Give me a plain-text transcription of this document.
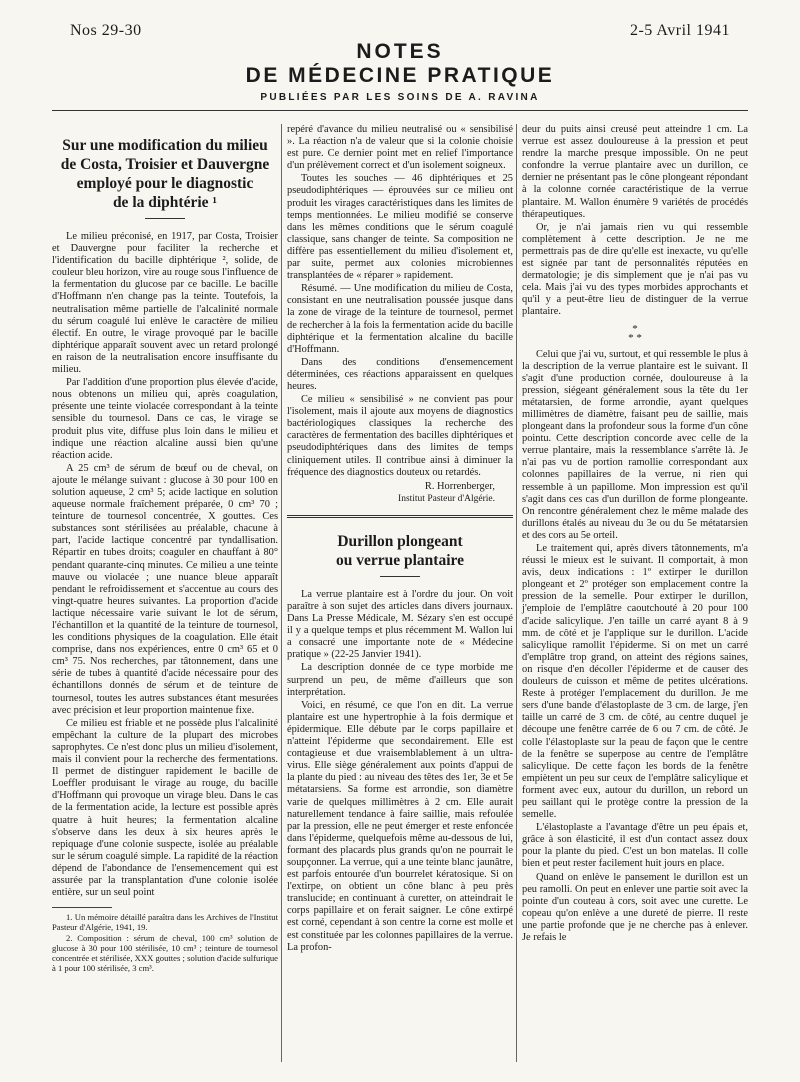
Nos 29-30	2-5 Avril 1941
NOTES
DE MÉDECINE PRATIQUE
PUBLIÉES PAR LES SOINS DE A. RAVINA
Sur une modification du milieu
de Costa, Troisier et Dauvergne
employé pour le diagnostic
de la diphtérie ¹

Le milieu préconisé, en 1917, par Costa, Troisier et Dauvergne pour faciliter la recherche et l'identification du bacille diphtérique ², solide, de couleur bleu horizon, vire au rouge sous l'influence de la fermentation du glucose par ce bacille. Le bacille d'Hoffmann n'en change pas la teinte. Toutefois, la neutralisation même partielle de l'alcalinité normale du sérum coagulé lui enlève le caractère de milieu électif. En outre, le virage provoqué par le bacille diphtérique apparaît souvent avec un retard prolongé en raison de la neutralisation encore insuffisante du milieu.

Par l'addition d'une proportion plus élevée d'acide, nous obtenons un milieu qui, après coagulation, présente une teinte violacée correspondant à la teinte sensible du tournesol. Dans ce cas, le virage se produit plus vite, diffuse plus loin dans le milieu et indique une réaction alcaline aussi bien qu'une réaction acide.

A 25 cm³ de sérum de bœuf ou de cheval, on ajoute le mélange suivant : glucose à 30 pour 100 en solution aqueuse, 2 cm³ 5; acide lactique en solution aqueuse normale fraîchement préparée, 0 cm³ 70 ; teinture de tournesol concentrée, X gouttes. Ces substances sont stérilisées au préalable, chacune à part, l'acide lactique concentré par tyndallisation. Répartir en tubes droits; coaguler en chauffant à 80° pendant quarante-cinq minutes. Ce milieu a une teinte mauve ou violacée ; une nuance bleue apparaît pendant le refroidissement et s'accentue au cours des vingt-quatre heures suivantes. La proportion d'acide lactique nécessaire varie suivant le lot de sérum, l'échantillon et la quantité de la teinture de tournesol, les conditions physiques de la coagulation. Elle était comprise, dans nos expériences, entre 0 cm³ 65 et 0 cm³ 75. Nos recherches, par tâtonnement, dans une série de tubes à quantité d'acide nécessaire pour des échantillons donnés de sérum et de teinture de tournesol, toutes les autres substances étant mesurées avec précision et leur proportion maintenue fixe.

Ce milieu est friable et ne possède plus l'alcalinité empêchant la culture de la plupart des microbes saprophytes. Ce n'est donc plus un milieu d'isolement, mais il convient pour la recherche des fermentations. Il permet de distinguer rapidement le bacille de Loeffler produisant le virage au rouge, du bacille d'Hoffmann qui provoque un virage bleu. Dans le cas de la fermentation acide, la lecture est possible après quatre à huit heures; la fermentation alcaline s'observe dans les deux à six heures après le repiquage d'une colonie suspecte, isolée au préalable sur le sérum coagulé simple. La rapidité de la réaction dépend de l'abondance de l'ensemencement qui est assurée par la transplantation d'une colonie isolée entière, sur un seul point

1. Un mémoire détaillé paraîtra dans les Archives de l'Institut Pasteur d'Algérie, 1941, 19.

2. Composition : sérum de cheval, 100 cm³ solution de glucose à 30 pour 100 stérilisée, 10 cm³ ; teinture de tournesol concentrée et stérilisée, XXX gouttes ; solution d'acide sulfurique à 1 pour 100 stérilisée, 3 cm³.

repéré d'avance du milieu neutralisé ou « sensibilisé ». La réaction n'a de valeur que si la colonie choisie est pure. Ce dernier point met en relief l'importance d'un prélèvement correct et d'un isolement soigneux.

Toutes les souches — 46 diphtériques et 25 pseudodiphtériques — éprouvées sur ce milieu ont produit les virages caractéristiques dans les limites de temps mentionnées. Le milieu modifié se conserve dans les mêmes conditions que le sérum coagulé classique, sans changer de teinte. Sa composition ne diffère pas essentiellement du milieu d'isolement et, par suite, permet aux colonies microbiennes transplantées de « réparer » rapidement.

Résumé. — Une modification du milieu de Costa, consistant en une neutralisation poussée jusque dans la zone de virage de la teinture de tournesol, permet de rechercher à la fois la fermentation acide du bacille diphtérique et la fermentation alcaline du bacille d'Hoffmann.

Dans des conditions d'ensemencement déterminées, ces réactions apparaissent en quelques heures.

Ce milieu « sensibilisé » ne convient pas pour l'isolement, mais il ajoute aux moyens de diagnostics bactériologiques classiques la recherche des caractères de fermentation des bacilles diphtériques et pseudodiphtériques dans des limites de temps cliniquement utiles. Il contribue ainsi à diminuer la fréquence des diagnostics douteux ou retardés.

R. Horrenberger,
Institut Pasteur d'Algérie.
Durillon plongeant
ou verrue plantaire

La verrue plantaire est à l'ordre du jour. On voit paraître à son sujet des articles dans divers journaux. Dans La Presse Médicale, M. Sézary s'en est occupé il y a quelque temps et plus récemment M. Wallon lui a consacré une importante note de « Médecine pratique » (22-25 Janvier 1941).

La description donnée de ce type morbide me surprend un peu, de même d'ailleurs que son interprétation.

Voici, en résumé, ce que l'on en dit. La verrue plantaire est une hypertrophie à la fois dermique et épidermique. Elle débute par le corps papillaire et n'atteint l'épiderme que secondairement. Elle est contagieuse et due vraisemblablement à un ultra-virus. Elle siège généralement aux points d'appui de la plante du pied : au niveau des têtes des 1er, 3e et 5e métatarsiens. Sa forme est arrondie, son diamètre varie de quelques millimètres à 2 cm. Elle aurait naturellement tendance à faire saillie, mais refoulée par la pression, elle ne peut émerger et reste enfoncée dans l'épiderme, quelquefois même au-dessous de lui, formant des placards plus grands qu'on ne pourrait le soupçonner. La verrue, qui a une teinte blanc jaunâtre, est parfois entourée d'un bourrelet kératosique. Si on l'extirpe, on obtient un cône blanc à peu près translucide; en continuant à curetter, on atteindrait le corps papillaire et on ferait saigner. Le cône extirpé est corné, cependant à son centre la corne est molle et est constituée par les colonnes papillaires de la verrue. La profon-

deur du puits ainsi creusé peut atteindre 1 cm. La verrue est assez douloureuse à la pression et peut rendre la marche presque impossible. On ne peut confondre la verrue plantaire avec un durillon, ce dernier ne présentant pas le cône plongeant répondant à la colonne cornée caractéristique de la verrue plantaire. M. Wallon énumère 9 variétés de procédés thérapeutiques.

Or, je n'ai jamais rien vu qui ressemble complètement à cette description. Je ne me permettrais pas de dire qu'elle est inexacte, vu qu'elle est signée par tant de personnalités réputées en dermatologie; je dis simplement que je n'ai pas vu cela. Mais j'ai vu des types morbides approchants et qu'il y a peut-être lieu de distinguer de la verrue plantaire.

*
* *

Celui que j'ai vu, surtout, et qui ressemble le plus à la description de la verrue plantaire est le suivant. Il s'agit d'une production cornée, douloureuse à la pression, siégeant généralement sous la tête du 1er métatarsien, de forme arrondie, ayant quelques millimètres de diamètre, faisant peu de saillie, mais plongeant dans la profondeur sous la forme d'un cône pointu. Cette description concorde avec celle de la verrue plantaire, mais la ressemblance s'arrête là. Je n'ai pas vu de portion ramollie correspondant aux colonnes papillaires de la verrue, ni rien qui ressemble à un papillome. Mon impression est qu'il s'agit dans ces cas d'un durillon de forme plongeante. On rencontre généralement chez le même malade des durillons étalés au niveau du 3e ou du 5e métatarsien et des cors au 5e orteil.

Le traitement qui, après divers tâtonnements, m'a réussi le mieux est le suivant. Il comportait, à mon avis, deux indications : 1º extirper le durillon plongeant et 2º protéger son emplacement contre la pression de la semelle. Pour extirper le durillon, j'emploie de l'emplâtre caoutchouté à 20 pour 100 d'acide salicylique. J'en taille un carré ayant 8 à 9 mm. de côté et je l'applique sur le durillon. L'acide salicylique ramollit l'épiderme. Si on met un carré d'emplâtre trop grand, on atteint des régions saines, on risque d'en décoller l'épiderme et de causer des douleurs de cuisson et même de petites ulcérations. Reste à protéger l'emplacement du durillon. Je me sers d'une bande d'élastoplaste de 3 cm. de large, j'en taille un carré de 3 cm. de côté, au centre duquel je découpe une fenêtre carrée de 6 ou 7 cm. de côté. Je colle l'élastoplaste sur la peau de façon que le centre de la fenêtre se superpose au centre de l'emplâtre salicylique. De cette façon les bords de la fenêtre empiètent un peu sur ceux de l'emplâtre salicylique et forment avec eux, autour du durillon, un rebord un peu saillant qui le protège contre la pression de la semelle.

L'élastoplaste a l'avantage d'être un peu épais et, grâce à son élasticité, il est d'un contact assez doux pour la plante du pied. C'est un bon matelas. Il colle bien et peut rester facilement huit jours en place.

Quand on enlève le pansement le durillon est un peu ramolli. On peut en enlever une partie soit avec la pointe d'un couteau à cors, soit avec une curette. Le copeau qu'on enlève a une dureté de pierre. Il reste une partie profonde que je ne cherche pas à enlever. Je refais le
